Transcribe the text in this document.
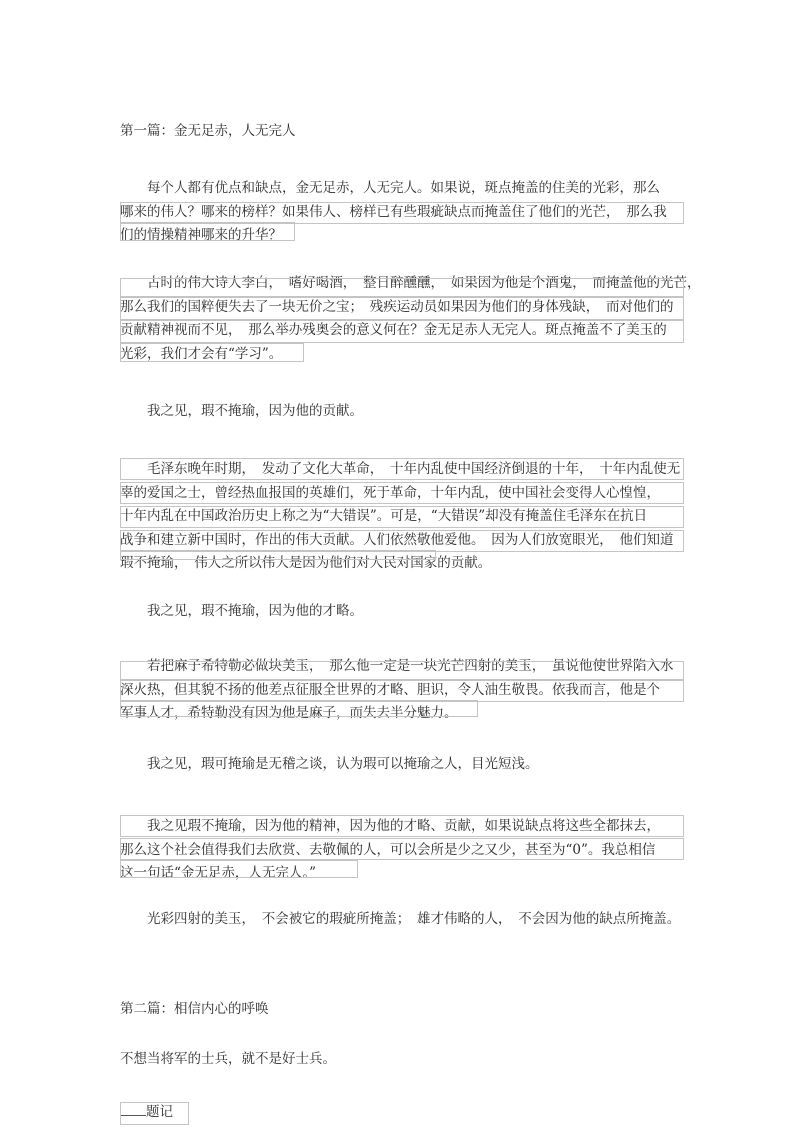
第一篇：金无足赤，人无完人

　　每个人都有优点和缺点，金无足赤，人无完人。如果说，斑点掩盖的住美的光彩，那么
哪来的伟人？哪来的榜样？如果伟人、榜样已有些瑕疵缺点而掩盖住了他们的光芒，　那么我
们的情操精神哪来的升华？
　　古时的伟大诗人李白，　嗜好喝酒，　整日醉醺醺，　如果因为他是个酒鬼，　而掩盖他的光芒，
那么我们的国粹便失去了一块无价之宝；　残疾运动员如果因为他们的身体残缺，　而对他们的
贡献精神视而不见，　那么举办残奥会的意义何在？金无足赤人无完人。斑点掩盖不了美玉的
光彩，我们才会有“学习”。

　　我之见，瑕不掩瑜，因为他的贡献。

　　毛泽东晚年时期，　发动了文化大革命，　十年内乱使中国经济倒退的十年，　十年内乱使无
辜的爱国之士，曾经热血报国的英雄们，死于革命，十年内乱，使中国社会变得人心惶惶，
十年内乱在中国政治历史上称之为“大错误”。可是，“大错误”却没有掩盖住毛泽东在抗日
战争和建立新中国时，作出的伟大贡献。人们依然敬他爱他。　因为人们放宽眼光，　他们知道
瑕不掩瑜，　伟人之所以伟大是因为他们对人民对国家的贡献。

　　我之见，瑕不掩瑜，因为他的才略。

　　若把麻子希特勒必做块美玉，　那么他一定是一块光芒四射的美玉，　虽说他使世界陷入水
深火热，但其貌不扬的他差点征服全世界的才略、胆识，令人油生敬畏。依我而言，他是个
军事人才，希特勒没有因为他是麻子，而失去半分魅力。

　　我之见，瑕可掩瑜是无稽之谈，认为瑕可以掩瑜之人，目光短浅。

　　我之见瑕不掩瑜，因为他的精神，因为他的才略、贡献，如果说缺点将这些全都抹去，
那么这个社会值得我们去欣赏、去敬佩的人，可以会所是少之又少，甚至为“0”。我总相信
这一句话“金无足赤，人无完人。”

　　光彩四射的美玉，　不会被它的瑕疵所掩盖；　雄才伟略的人，　不会因为他的缺点所掩盖。

第二篇：相信内心的呼唤

不想当将军的士兵，就不是好士兵。

题记
